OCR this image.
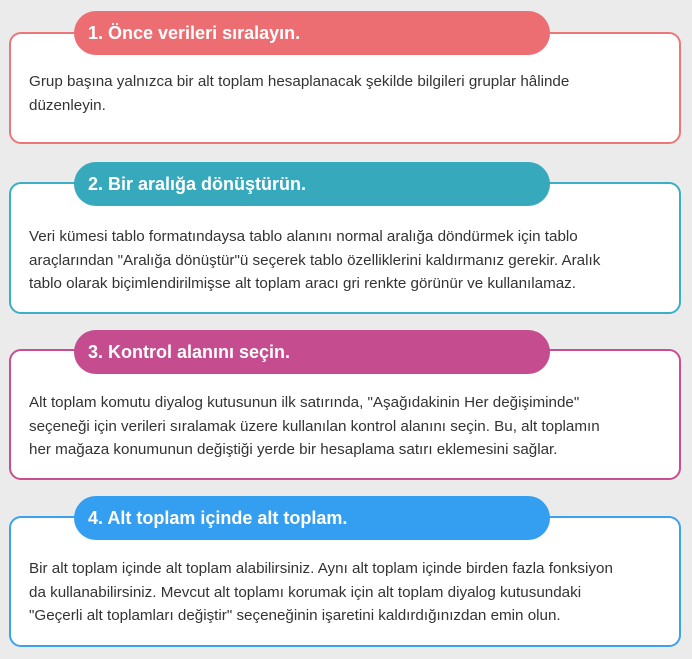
1. Önce verileri sıralayın.
Grup başına yalnızca bir alt toplam hesaplanacak şekilde bilgileri gruplar hâlinde
düzenleyin.
2. Bir aralığa dönüştürün.
Veri kümesi tablo formatındaysa tablo alanını normal aralığa döndürmek için tablo
araçlarından "Aralığa dönüştür"ü seçerek tablo özelliklerini kaldırmanız gerekir. Aralık
tablo olarak biçimlendirilmişse alt toplam aracı gri renkte görünür ve kullanılamaz.
3. Kontrol alanını seçin.
Alt toplam komutu diyalog kutusunun ilk satırında, "Aşağıdakinin Her değişiminde"
seçeneği için verileri sıralamak üzere kullanılan kontrol alanını seçin. Bu, alt toplamın
her mağaza konumunun değiştiği yerde bir hesaplama satırı eklemesini sağlar.
4. Alt toplam içinde alt toplam.
Bir alt toplam içinde alt toplam alabilirsiniz. Aynı alt toplam içinde birden fazla fonksiyon
da kullanabilirsiniz. Mevcut alt toplamı korumak için alt toplam diyalog kutusundaki
"Geçerli alt toplamları değiştir" seçeneğinin işaretini kaldırdığınızdan emin olun.
